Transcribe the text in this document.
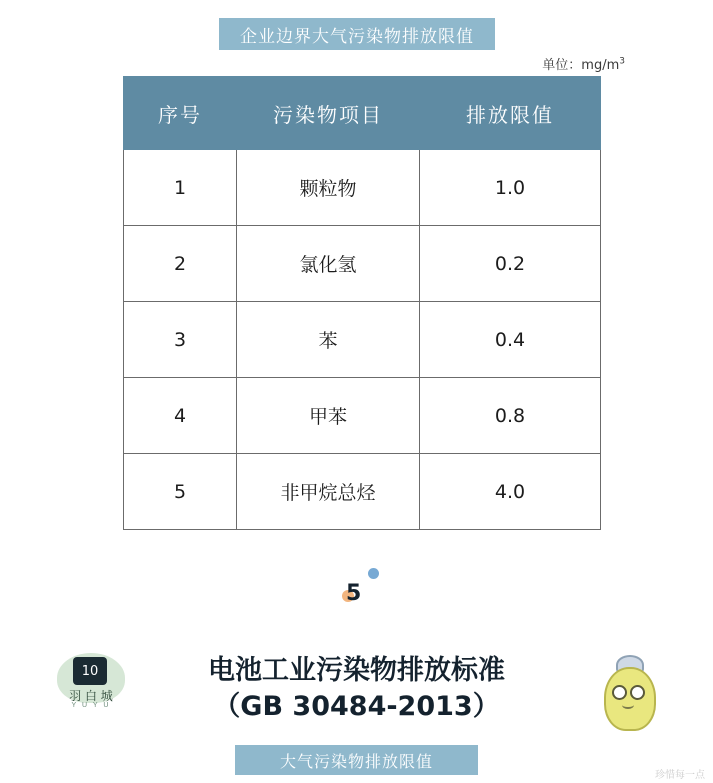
企业边界大气污染物排放限值
单位：$mg/m^3$
序号	污染物项目	排放限值
1	颗粒物	1.0
2	氯化氢	0.2
3	苯	0.4
4	甲苯	0.8
5	非甲烷总烃	4.0
5
电池工业污染物排放标准
（GB 30484-2013）
大气污染物排放限值
10
羽 白 城
Y U Y U
珍惜每一点
